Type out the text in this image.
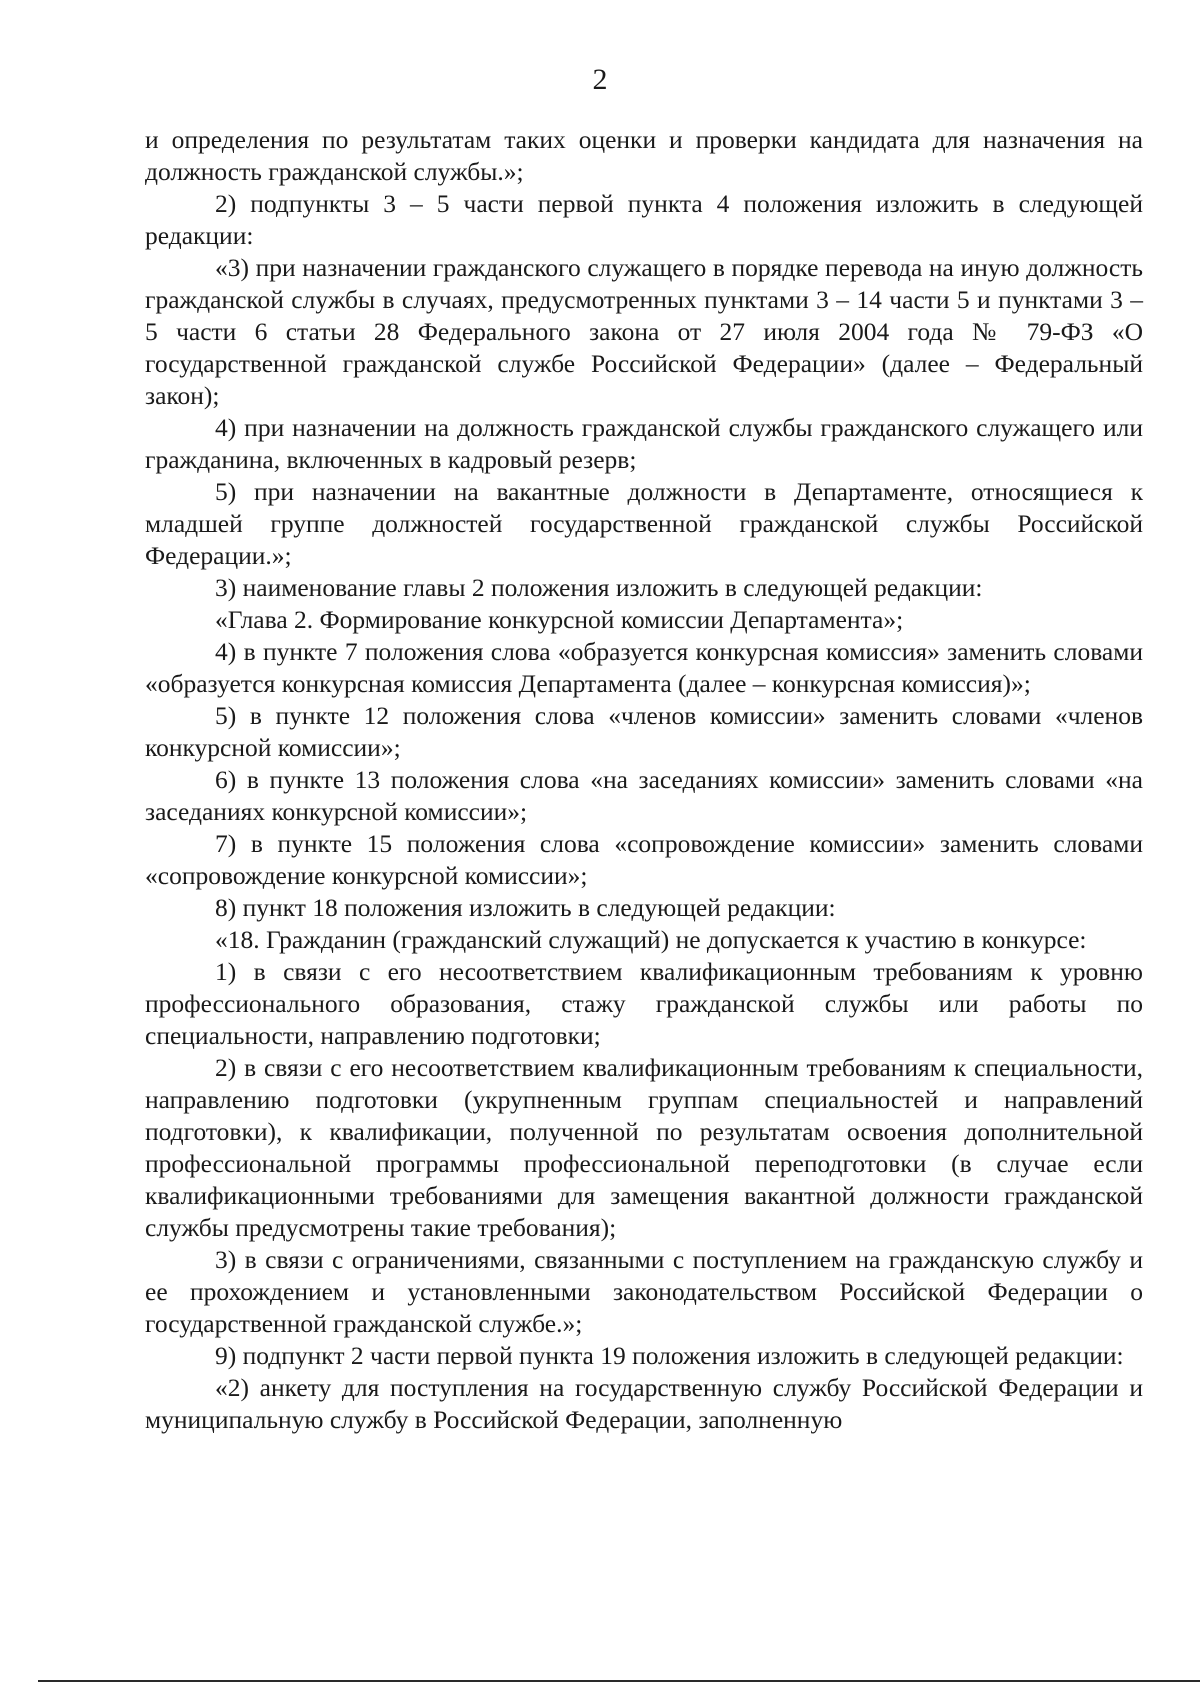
2

и определения по результатам таких оценки и проверки кандидата для назначения на должность гражданской службы.»;

2) подпункты 3 – 5 части первой пункта 4 положения изложить в следующей редакции:

«3) при назначении гражданского служащего в порядке перевода на иную должность гражданской службы в случаях, предусмотренных пунктами 3 – 14 части 5 и пунктами 3 – 5 части 6 статьи 28 Федерального закона от 27 июля 2004 года № 79-ФЗ «О государственной гражданской службе Российской Федерации» (далее – Федеральный закон);

4) при назначении на должность гражданской службы гражданского служащего или гражданина, включенных в кадровый резерв;

5) при назначении на вакантные должности в Департаменте, относящиеся к младшей группе должностей государственной гражданской службы Российской Федерации.»;

3) наименование главы 2 положения изложить в следующей редакции:

«Глава 2. Формирование конкурсной комиссии Департамента»;

4) в пункте 7 положения слова «образуется конкурсная комиссия» заменить словами «образуется конкурсная комиссия Департамента (далее – конкурсная комиссия)»;

5) в пункте 12 положения слова «членов комиссии» заменить словами «членов конкурсной комиссии»;

6) в пункте 13 положения слова «на заседаниях комиссии» заменить словами «на заседаниях конкурсной комиссии»;

7) в пункте 15 положения слова «сопровождение комиссии» заменить словами «сопровождение конкурсной комиссии»;

8) пункт 18 положения изложить в следующей редакции:

«18. Гражданин (гражданский служащий) не допускается к участию в конкурсе:

1) в связи с его несоответствием квалификационным требованиям к уровню профессионального образования, стажу гражданской службы или работы по специальности, направлению подготовки;

2) в связи с его несоответствием квалификационным требованиям к специальности, направлению подготовки (укрупненным группам специальностей и направлений подготовки), к квалификации, полученной по результатам освоения дополнительной профессиональной программы профессиональной переподготовки (в случае если квалификационными требованиями для замещения вакантной должности гражданской службы предусмотрены такие требования);

3) в связи с ограничениями, связанными с поступлением на гражданскую службу и ее прохождением и установленными законодательством Российской Федерации о государственной гражданской службе.»;

9) подпункт 2 части первой пункта 19 положения изложить в следующей редакции:

«2) анкету для поступления на государственную службу Российской Федерации и муниципальную службу в Российской Федерации, заполненную
